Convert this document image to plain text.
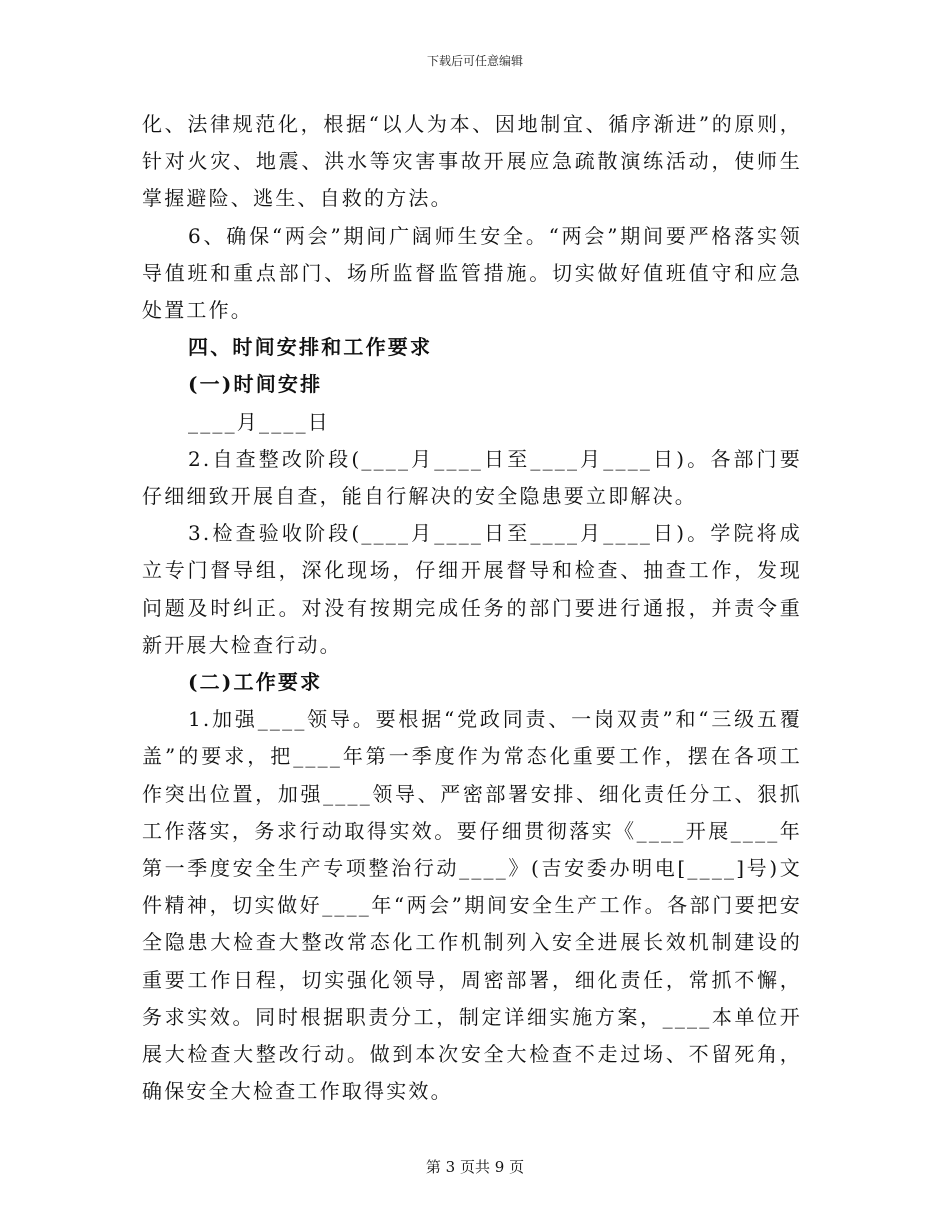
下载后可任意编辑

化、法律规范化，根据“以人为本、因地制宜、循序渐进”的原则，针对火灾、地震、洪水等灾害事故开展应急疏散演练活动，使师生掌握避险、逃生、自救的方法。

6、确保“两会”期间广阔师生安全。“两会”期间要严格落实领导值班和重点部门、场所监督监管措施。切实做好值班值守和应急处置工作。

四、时间安排和工作要求

(一)时间安排

____月____日

2.自查整改阶段(____月____日至____月____日)。各部门要仔细细致开展自查，能自行解决的安全隐患要立即解决。

3.检查验收阶段(____月____日至____月____日)。学院将成立专门督导组，深化现场，仔细开展督导和检查、抽查工作，发现问题及时纠正。对没有按期完成任务的部门要进行通报，并责令重新开展大检查行动。

(二)工作要求

1.加强____领导。要根据“党政同责、一岗双责”和“三级五覆盖”的要求，把____年第一季度作为常态化重要工作，摆在各项工作突出位置，加强____领导、严密部署安排、细化责任分工、狠抓工作落实，务求行动取得实效。要仔细贯彻落实《____开展____年第一季度安全生产专项整治行动____》(吉安委办明电[____]号)文件精神，切实做好____年“两会”期间安全生产工作。各部门要把安全隐患大检查大整改常态化工作机制列入安全进展长效机制建设的重要工作日程，切实强化领导，周密部署，细化责任，常抓不懈，务求实效。同时根据职责分工，制定详细实施方案，____本单位开展大检查大整改行动。做到本次安全大检查不走过场、不留死角，确保安全大检查工作取得实效。

第 3 页共 9 页
